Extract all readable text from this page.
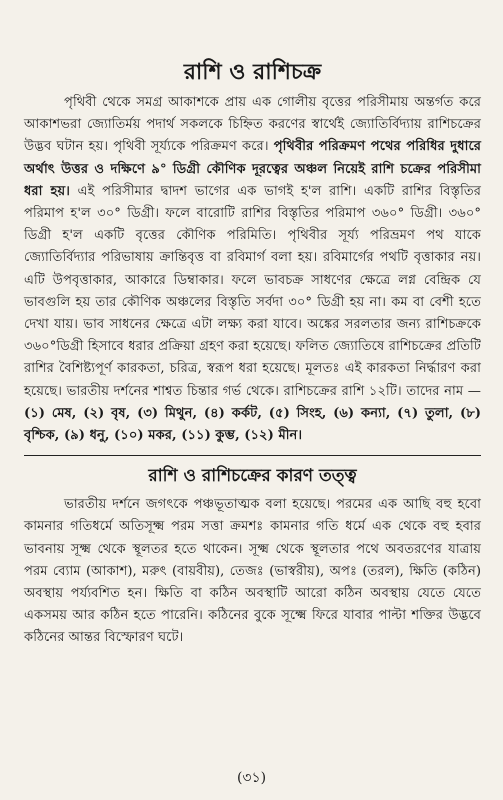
রাশি ও রাশিচক্র

পৃথিবী থেকে সমগ্র আকাশকে প্রায় এক গোলীয় বৃত্তের পরিসীমায় অন্তর্গত করে আকাশভরা জ্যোতির্ময় পদার্থ সকলকে চিহ্নিত করণের স্বার্থেই জ্যোতির্বিদ্যায় রাশিচক্রের উদ্ভব ঘটান হয়। পৃথিবী সূর্য্যকে পরিক্রমণ করে। পৃথিবীর পরিক্রমণ পথের পরিধির দুধারে অর্থাৎ উত্তর ও দক্ষিণে ৯° ডিগ্রী কৌণিক দূরত্বের অঞ্চল নিয়েই রাশি চক্রের পরিসীমা ধরা হয়। এই পরিসীমার দ্বাদশ ভাগের এক ভাগই হ'ল রাশি। একটি রাশির বিস্তৃতির পরিমাপ হ'ল ৩০° ডিগ্রী। ফলে বারোটি রাশির বিস্তৃতির পরিমাপ ৩৬০° ডিগ্রী। ৩৬০° ডিগ্রী হ'ল একটি বৃত্তের কৌণিক পরিমিতি। পৃথিবীর সূর্য্য পরিভ্রমণ পথ যাকে জ্যোতির্বিদ্যার পরিভাষায় ক্রান্তিবৃত্ত বা রবিমার্গ বলা হয়। রবিমার্গের পথটি বৃত্তাকার নয়। এটি উপবৃত্তাকার, আকারে ডিম্বাকার। ফলে ভাবচক্র সাধণের ক্ষেত্রে লগ্ন বেন্দ্রিক যে ভাবগুলি হয় তার কৌণিক অঞ্চলের বিস্তৃতি সর্বদা ৩০° ডিগ্রী হয় না। কম বা বেশী হতে দেখা যায়। ভাব সাধনের ক্ষেত্রে এটা লক্ষ্য করা যাবে। অঙ্কের সরলতার জন্য রাশিচক্রকে ৩৬০°ডিগ্রী হিসাবে ধরার প্রক্রিয়া গ্রহণ করা হয়েছে। ফলিত জ্যোতিষে রাশিচক্রের প্রতিটি রাশির বৈশিষ্ট্যপূর্ণ কারকতা, চরিত্র, স্বরূপ ধরা হয়েছে। মূলতঃ এই কারকতা নির্দ্ধারণ করা হয়েছে। ভারতীয় দর্শনের শাশ্বত চিন্তার গর্ভ থেকে। রাশিচক্রের রাশি ১২টি। তাদের নাম — (১) মেষ, (২) বৃষ, (৩) মিথুন, (৪) কর্কট, (৫) সিংহ, (৬) কন্যা, (৭) তুলা, (৮) বৃশ্চিক, (৯) ধনু, (১০) মকর, (১১) কুম্ভ, (১২) মীন।

রাশি ও রাশিচক্রের কারণ তত্ত্ব

ভারতীয় দর্শনে জগৎকে পঞ্চভূতাত্মক বলা হয়েছে। পরমের এক আছি বহু হবো কামনার গতিধর্মে অতিসূক্ষ্ম পরম সত্তা ক্রমশঃ কামনার গতি ধর্মে এক থেকে বহু হবার ভাবনায় সূক্ষ্ম থেকে স্থূলতর হতে থাকেন। সূক্ষ্ম থেকে স্থূলতার পথে অবতরণের যাত্রায় পরম ব্যোম (আকাশ), মরুৎ (বায়বীয়), তেজঃ (ভাস্বরীয়), অপঃ (তরল), ক্ষিতি (কঠিন) অবস্থায় পর্য্যবশিত হন। ক্ষিতি বা কঠিন অবস্থাটি আরো কঠিন অবস্থায় যেতে যেতে একসময় আর কঠিন হতে পারেনি। কঠিনের বুকে সূক্ষ্মে ফিরে যাবার পাল্টা শক্তির উদ্ভবে কঠিনের আন্তর বিস্ফোরণ ঘটে।

(৩১)
